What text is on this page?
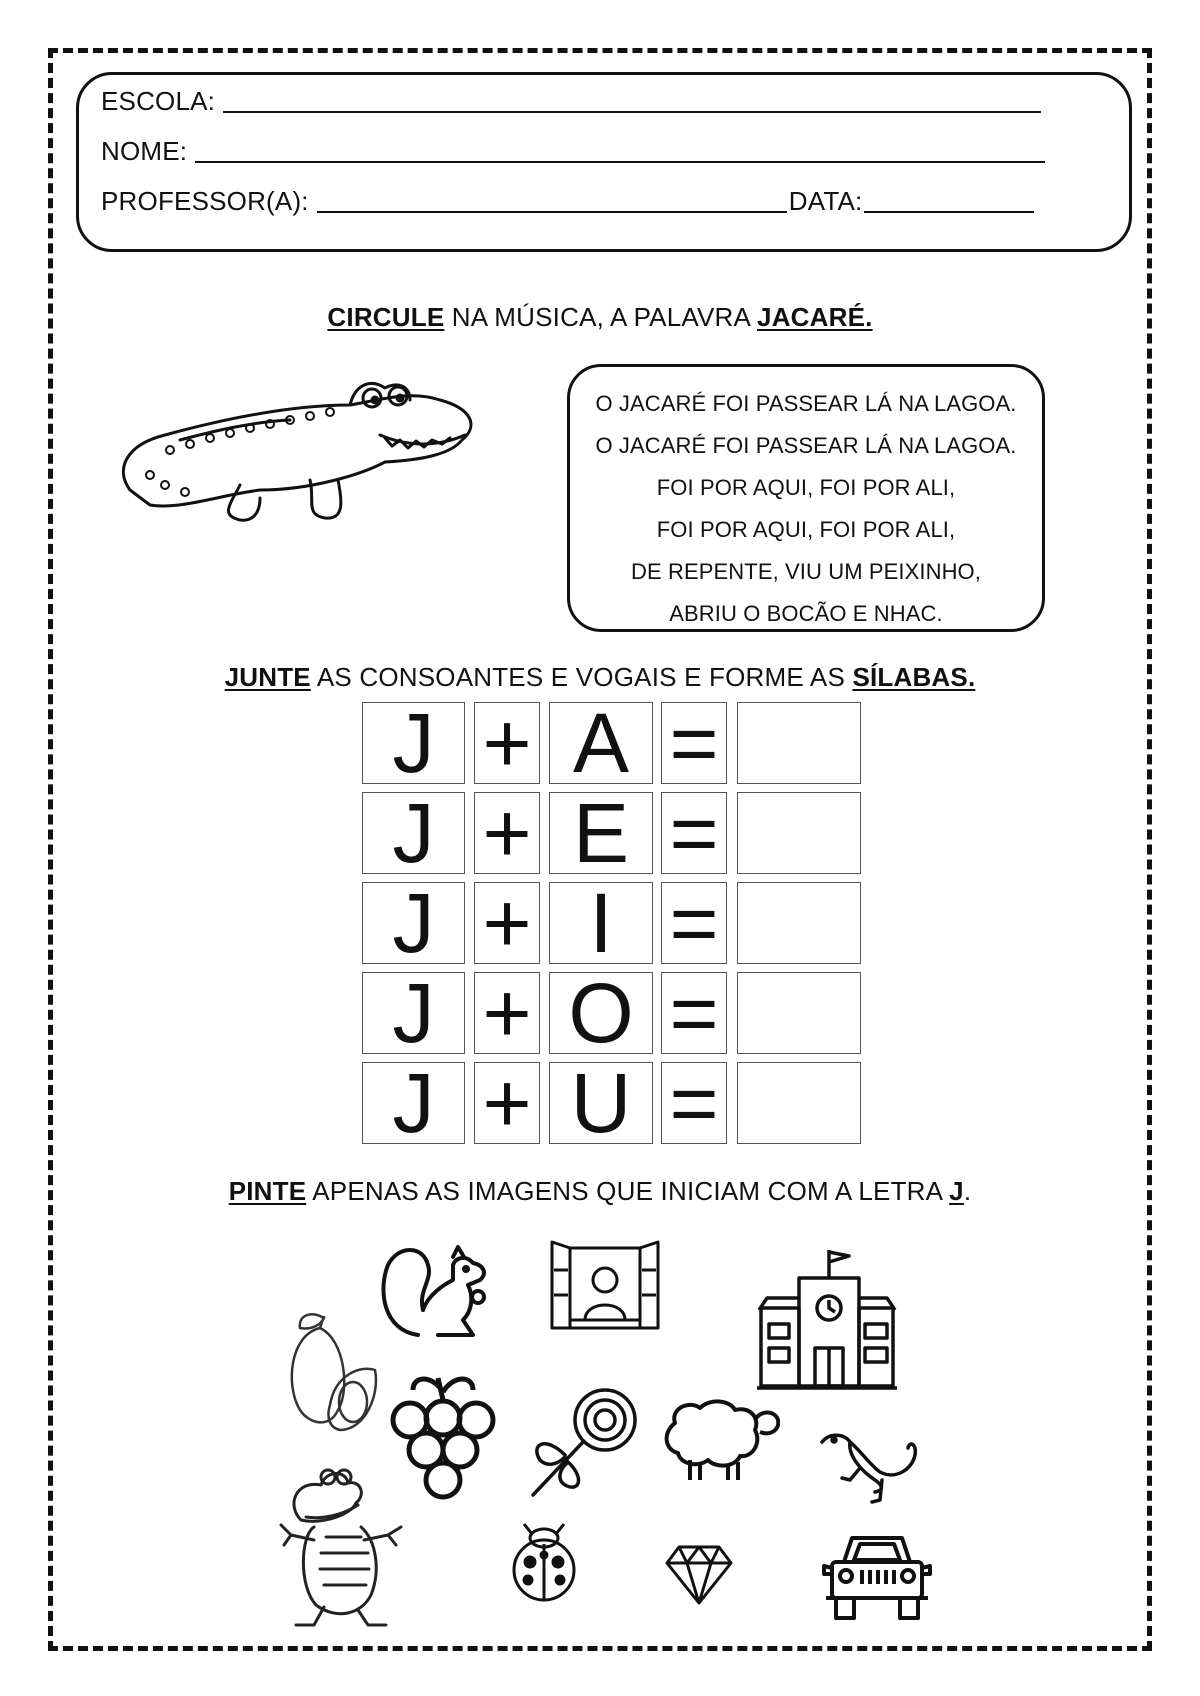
ESCOLA:
NOME:
PROFESSOR(A):	DATA:
CIRCULE NA MÚSICA, A PALAVRA JACARÉ.
O JACARÉ FOI PASSEAR LÁ NA LAGOA.
O JACARÉ FOI PASSEAR LÁ NA LAGOA.
FOI POR AQUI, FOI POR ALI,
FOI POR AQUI, FOI POR ALI,
DE REPENTE, VIU UM PEIXINHO,
ABRIU O BOCÃO E NHAC.
JUNTE AS CONSOANTES E VOGAIS E FORME AS SÍLABAS.
J + A =
J + E =
J + I =
J + O =
J + U =
PINTE APENAS AS IMAGENS QUE INICIAM COM A LETRA J.
